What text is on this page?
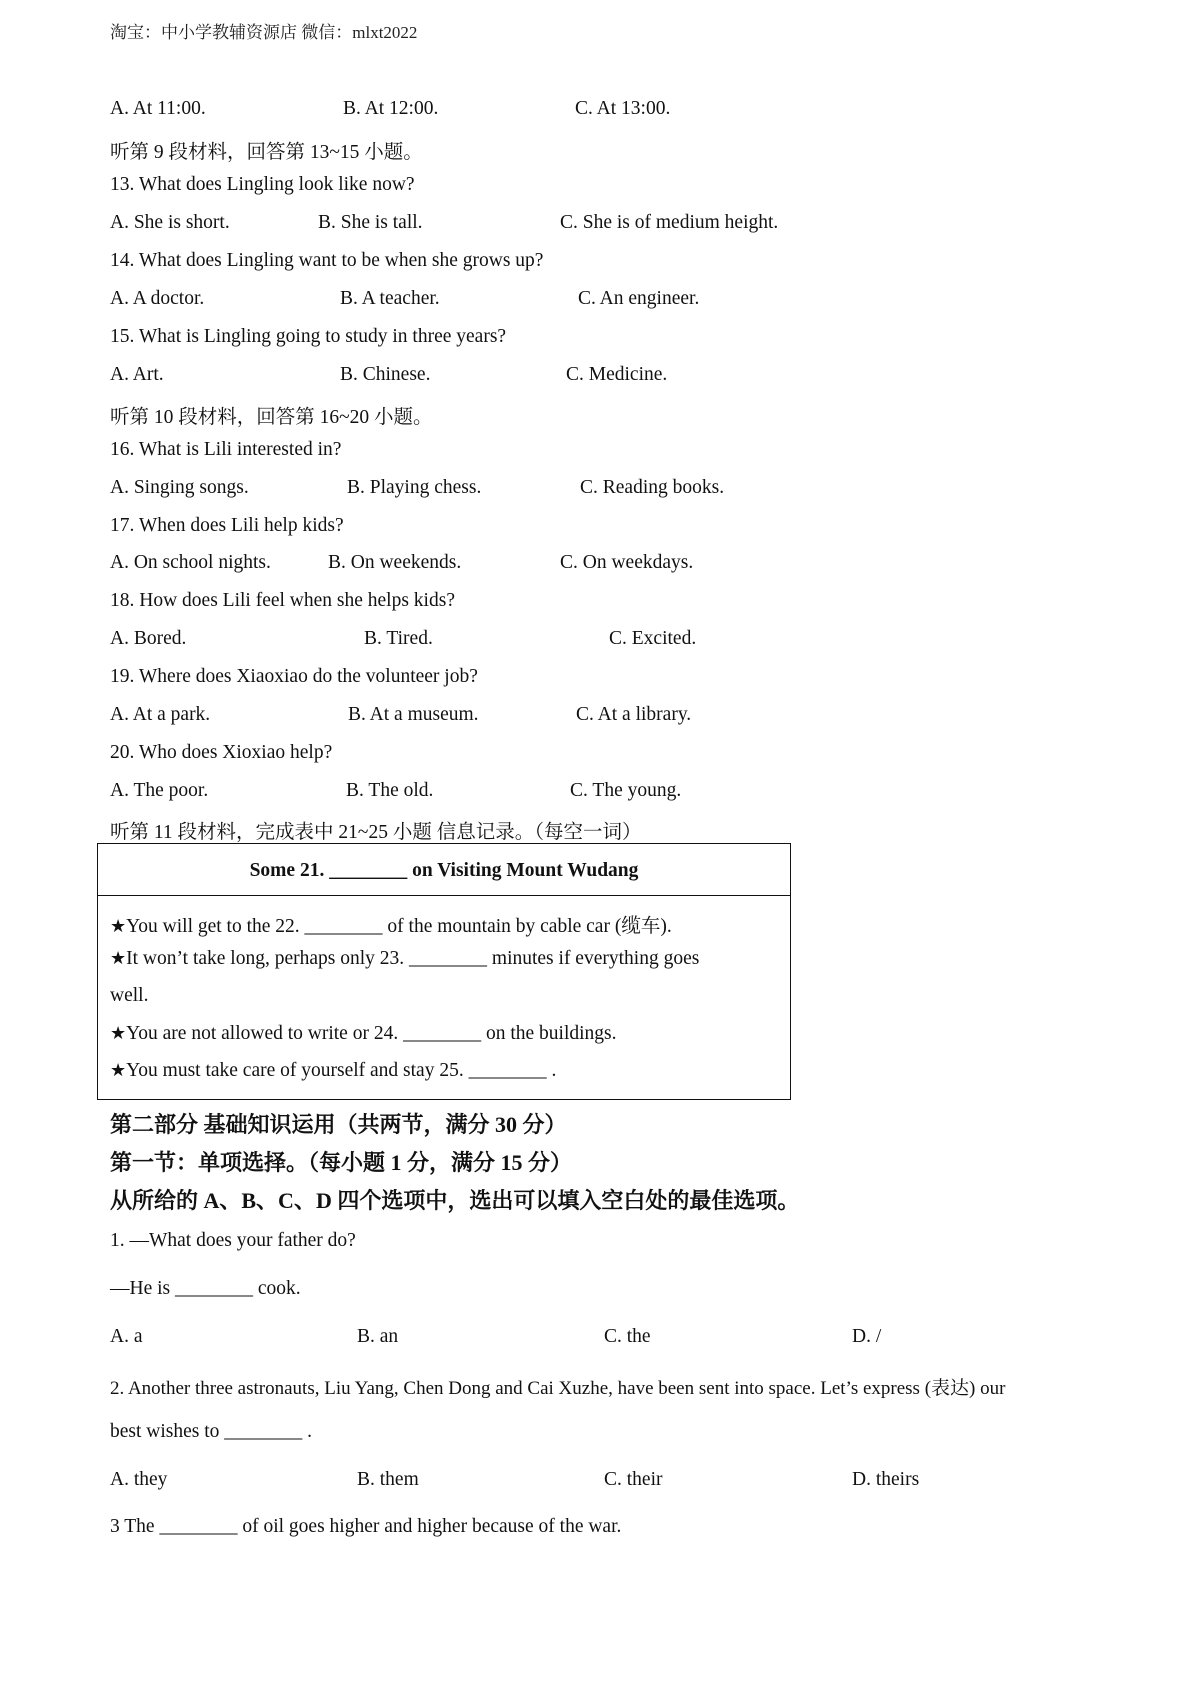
淘宝：中小学教辅资源店 微信：mlxt2022
A. At 11:00.	B. At 12:00.	C. At 13:00.
听第 9 段材料，回答第 13~15 小题。
13. What does Lingling look like now?
A. She is short.	B. She is tall.	C. She is of medium height.
14. What does Lingling want to be when she grows up?
A. A doctor.	B. A teacher.	C. An engineer.
15. What is Lingling going to study in three years?
A. Art.	B. Chinese.	C. Medicine.
听第 10 段材料，回答第 16~20 小题。
16. What is Lili interested in?
A. Singing songs.	B. Playing chess.	C. Reading books.
17. When does Lili help kids?
A. On school nights.	B. On weekends.	C. On weekdays.
18. How does Lili feel when she helps kids?
A. Bored.	B. Tired.	C. Excited.
19. Where does Xiaoxiao do the volunteer job?
A. At a park.	B. At a museum.	C. At a library.
20. Who does Xioxiao help?
A. The poor.	B. The old.	C. The young.
听第 11 段材料，完成表中 21~25 小题 信息记录。（每空一词）
Some 21. ________ on Visiting Mount Wudang
★You will get to the 22. ________ of the mountain by cable car (缆车).
★It won’t take long, perhaps only 23. ________ minutes if everything goes
well.
★You are not allowed to write or 24. ________ on the buildings.
★You must take care of yourself and stay 25. ________ .
第二部分 基础知识运用（共两节，满分 30 分）
第一节：单项选择。（每小题 1 分，满分 15 分）
从所给的 A、B、C、D 四个选项中，选出可以填入空白处的最佳选项。
1. —What does your father do?
—He is ________ cook.
A. a	B. an	C. the	D. /
2. Another three astronauts, Liu Yang, Chen Dong and Cai Xuzhe, have been sent into space. Let’s express (表达) our
best wishes to ________ .
A. they	B. them	C. their	D. theirs
3 The ________ of oil goes higher and higher because of the war.
